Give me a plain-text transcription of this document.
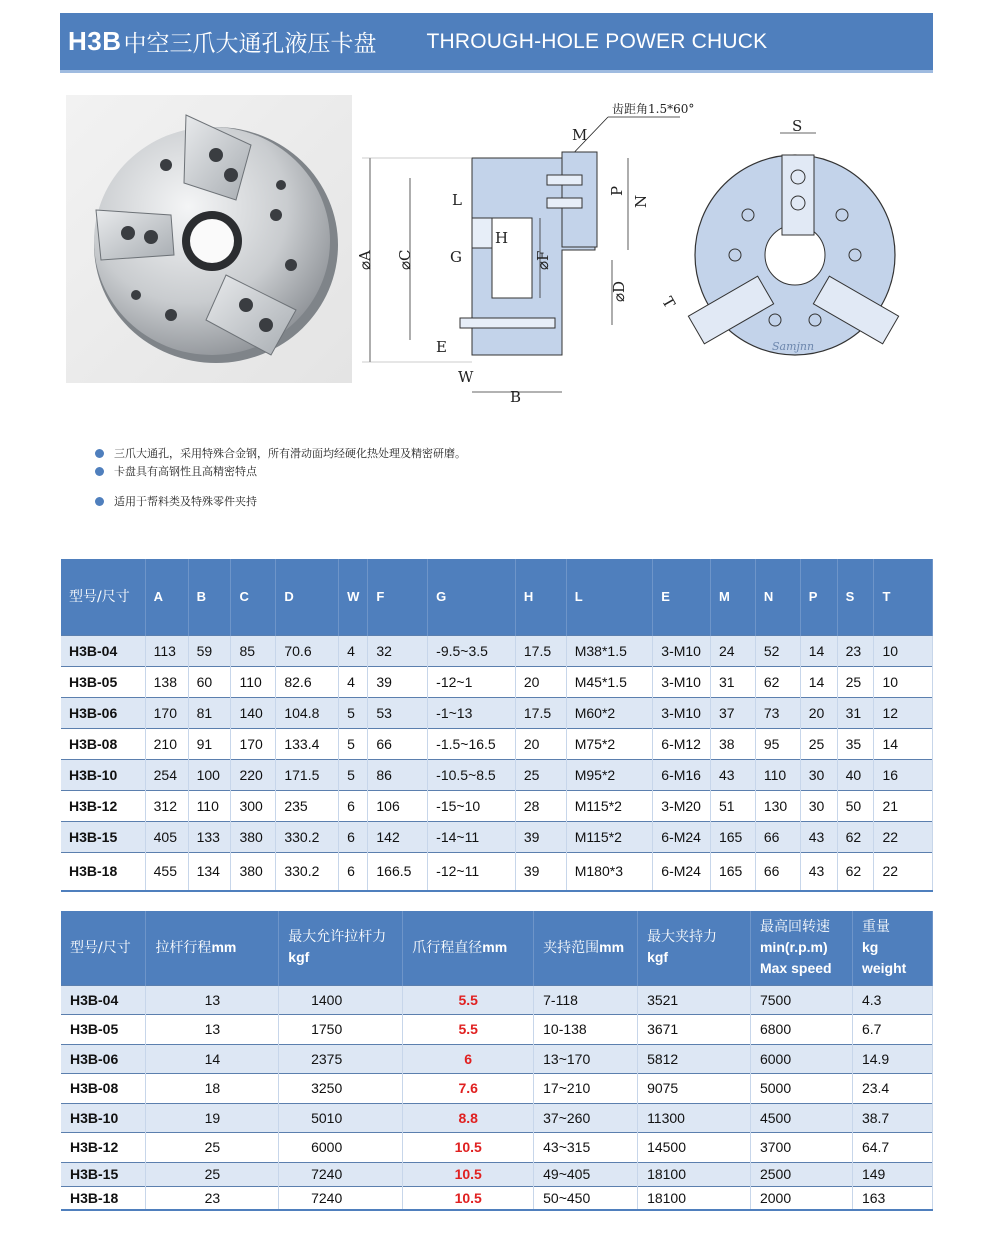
H3B 中空三爪大通孔液压卡盘 THROUGH-HOLE POWER CHUCK
齿距角1.5*60°
⌀A ⌀C
M
L
H
G
E
W
B
⌀F
⌀D
P
N
S
T
Samjnn
三爪大通孔，采用特殊合金钢，所有滑动面均经硬化热处理及精密研磨。
卡盘具有高钢性且高精密特点
适用于帮料类及特殊零件夹持
型号/尺寸	A	B	C	D	W	F	G	H	L	E	M	N	P	S	T
H3B-04	113	59	85	70.6	4	32	-9.5~3.5	17.5	M38*1.5	3-M10	24	52	14	23	10
H3B-05	138	60	110	82.6	4	39	-12~1	20	M45*1.5	3-M10	31	62	14	25	10
H3B-06	170	81	140	104.8	5	53	-1~13	17.5	M60*2	3-M10	37	73	20	31	12
H3B-08	210	91	170	133.4	5	66	-1.5~16.5	20	M75*2	6-M12	38	95	25	35	14
H3B-10	254	100	220	171.5	5	86	-10.5~8.5	25	M95*2	6-M16	43	110	30	40	16
H3B-12	312	110	300	235	6	106	-15~10	28	M115*2	3-M20	51	130	30	50	21
H3B-15	405	133	380	330.2	6	142	-14~11	39	M115*2	6-M24	165	66	43	62	22
H3B-18	455	134	380	330.2	6	166.5	-12~11	39	M180*3	6-M24	165	66	43	62	22
型号/尺寸	拉杆行程mm	最大允许拉杆力
kgf	爪行程直径mm	夹持范围mm	最大夹持力
kgf	最高回转速
min(r.p.m)
Max speed	重量
kg
weight
H3B-04	13	1400	5.5	7-118	3521	7500	4.3
H3B-05	13	1750	5.5	10-138	3671	6800	6.7
H3B-06	14	2375	6	13~170	5812	6000	14.9
H3B-08	18	3250	7.6	17~210	9075	5000	23.4
H3B-10	19	5010	8.8	37~260	11300	4500	38.7
H3B-12	25	6000	10.5	43~315	14500	3700	64.7
H3B-15	25	7240	10.5	49~405	18100	2500	149
H3B-18	23	7240	10.5	50~450	18100	2000	163
